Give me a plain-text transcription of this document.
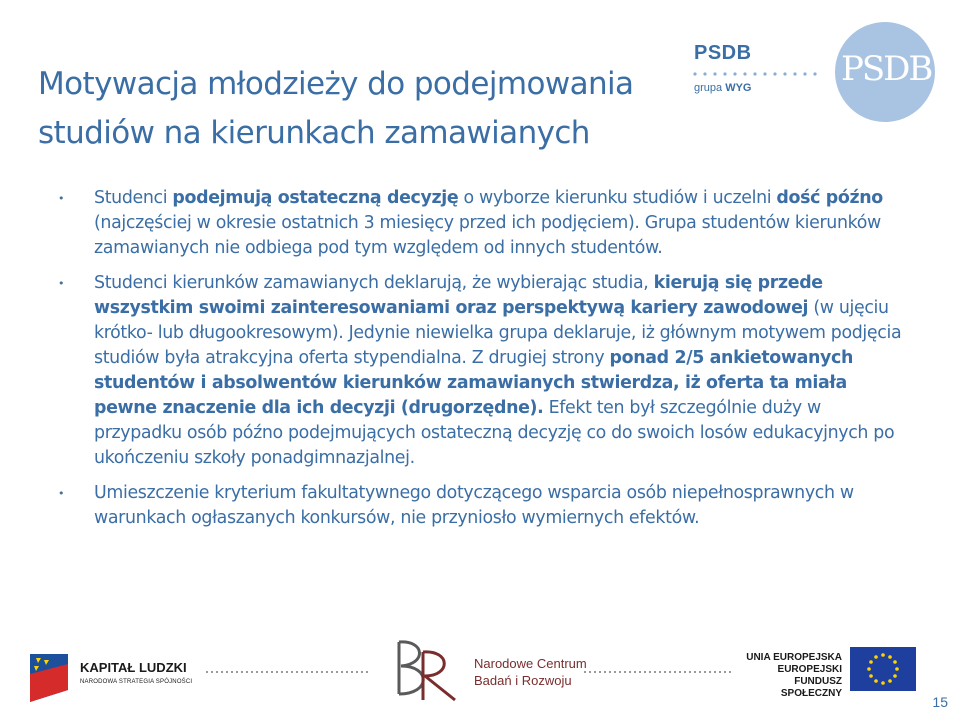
Motywacja młodzieży do podejmowania
studiów na kierunkach zamawianych
PSDB
grupa WYG	PSDB
• Studenci podejmują ostateczną decyzję o wyborze kierunku studiów i uczelni dość późno (najczęściej w okresie ostatnich 3 miesięcy przed ich podjęciem). Grupa studentów kierunków zamawianych nie odbiega pod tym względem od innych studentów.
• Studenci kierunków zamawianych deklarują, że wybierając studia, kierują się przede wszystkim swoimi zainteresowaniami oraz perspektywą kariery zawodowej (w ujęciu krótko- lub długookresowym). Jedynie niewielka grupa deklaruje, iż głównym motywem podjęcia studiów była atrakcyjna oferta stypendialna. Z drugiej strony ponad 2/5 ankietowanych studentów i absolwentów kierunków zamawianych stwierdza, iż oferta ta miała pewne znaczenie dla ich decyzji (drugorzędne). Efekt ten był szczególnie duży w przypadku osób późno podejmujących ostateczną decyzję co do swoich losów edukacyjnych po ukończeniu szkoły ponadgimnazjalnej.
• Umieszczenie kryterium fakultatywnego dotyczącego wsparcia osób niepełnosprawnych w warunkach ogłaszanych konkursów, nie przyniosło wymiernych efektów.
KAPITAŁ LUDZKI
NARODOWA STRATEGIA SPÓJNOŚCI
Narodowe Centrum
Badań i Rozwoju
UNIA EUROPEJSKA
EUROPEJSKI
FUNDUSZ SPOŁECZNY
15
